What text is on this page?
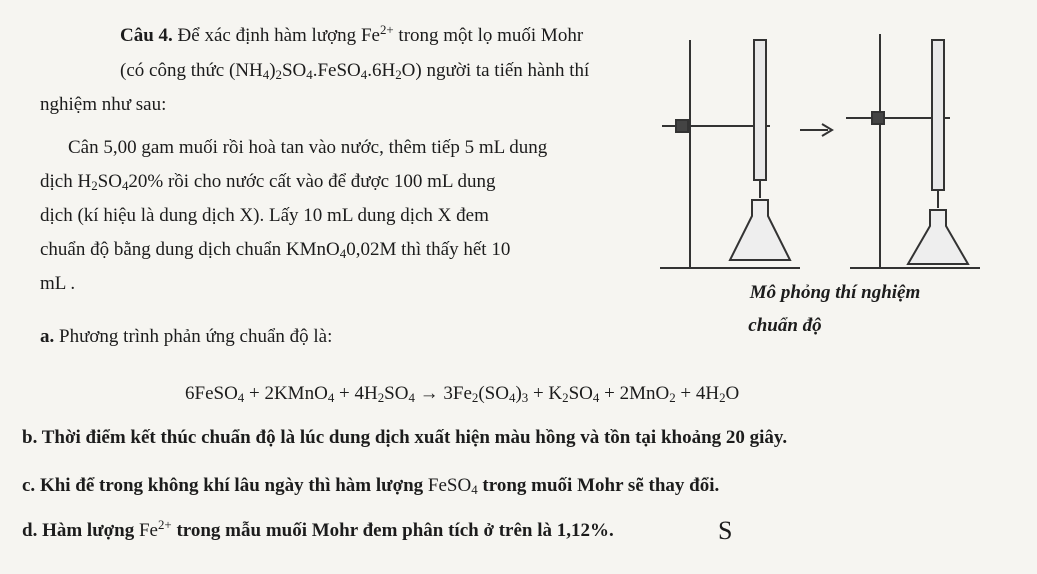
Câu 4. Để xác định hàm lượng $Fe^{2+}$ trong một lọ muối Mohr
(có công thức $(NH_4)_2SO_4.FeSO_4.6H_2O$) người ta tiến hành thí
nghiệm như sau:
Cân 5,00 gam muối rồi hoà tan vào nước, thêm tiếp 5 mL dung
dịch $H_2SO_420\%$ rồi cho nước cất vào để được 100 mL dung
dịch (kí hiệu là dung dịch X). Lấy 10 mL dung dịch X đem
chuẩn độ bằng dung dịch chuẩn KMnO$_4$0,02M thì thấy hết 10
mL .	Mô phỏng thí nghiệm
chuẩn độ
a. Phương trình phản ứng chuẩn độ là:
6FeSO$_4$ + 2KMnO$_4$ + $4H_2SO_4 \to 3Fe_2(SO_4)_3 + K_2SO_4 + 2MnO_2 + 4H_2O$
b. Thời điểm kết thúc chuẩn độ là lúc dung dịch xuất hiện màu hồng và tồn tại khoảng 20 giây.
c. Khi để trong không khí lâu ngày thì hàm lượng FeSO$_4$ trong muối Mohr sẽ thay đổi.
d. Hàm lượng $Fe^{2+}$ trong mẫu muối Mohr đem phân tích ở trên là 1,12%.	S
